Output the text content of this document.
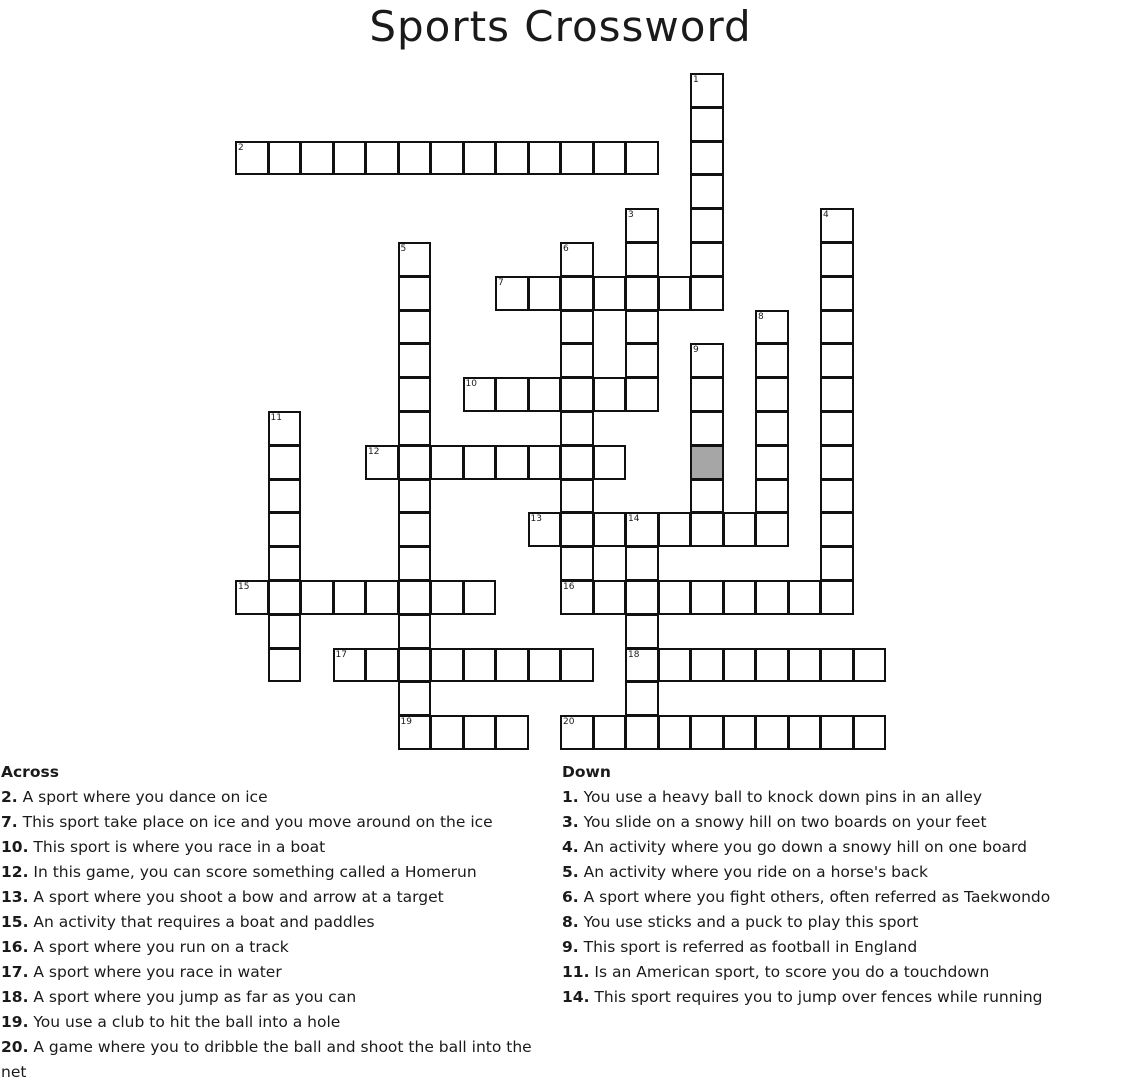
Sports Crossword
1
2
3	4
5
19
6
7
8
9
10
11
12
13	14
18
15	16
17
20
Across
2. A sport where you dance on ice
7. This sport take place on ice and you move around on the ice
10. This sport is where you race in a boat
12. In this game, you can score something called a Homerun
13. A sport where you shoot a bow and arrow at a target
15. An activity that requires a boat and paddles
16. A sport where you run on a track
17. A sport where you race in water
18. A sport where you jump as far as you can
19. You use a club to hit the ball into a hole
20. A game where you to dribble the ball and shoot the ball into the net
Down
1. You use a heavy ball to knock down pins in an alley
3. You slide on a snowy hill on two boards on your feet
4. An activity where you go down a snowy hill on one board
5. An activity where you ride on a horse's back
6. A sport where you fight others, often referred as Taekwondo
8. You use sticks and a puck to play this sport
9. This sport is referred as football in England
11. Is an American sport, to score you do a touchdown
14. This sport requires you to jump over fences while running
